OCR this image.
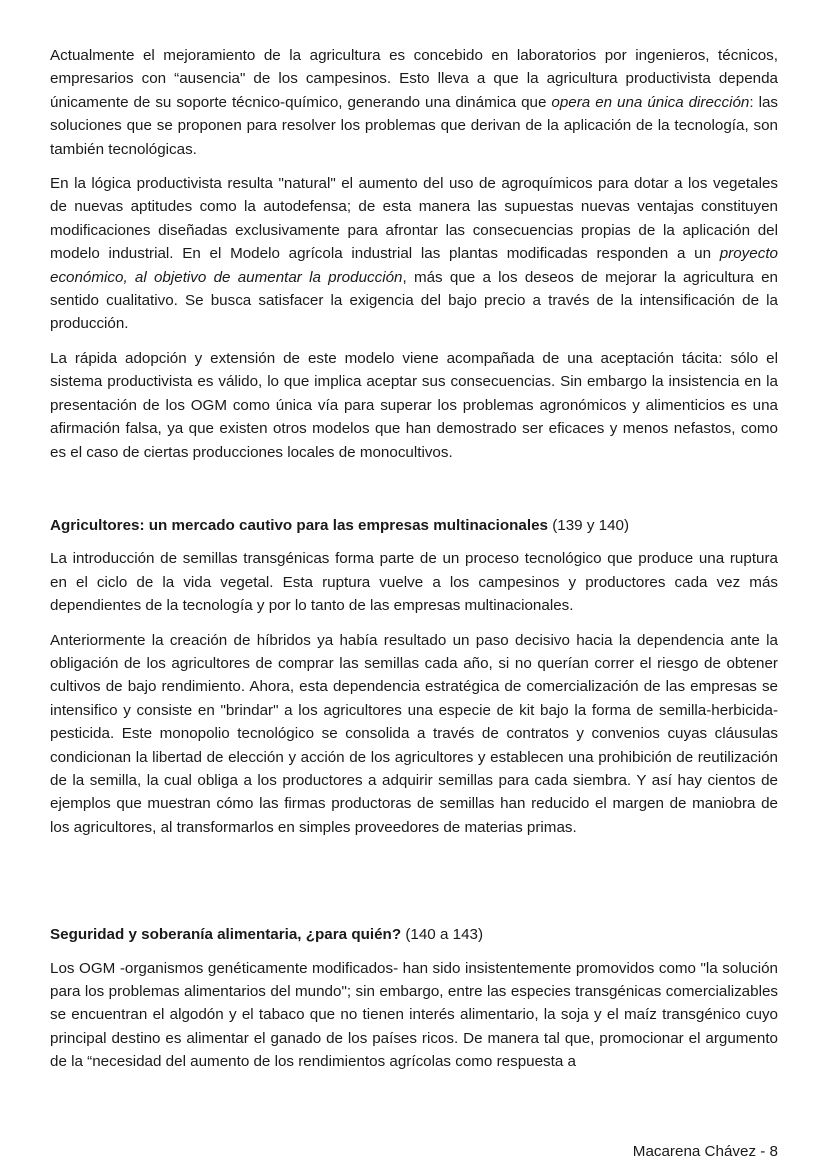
Actualmente el mejoramiento de la agricultura es concebido en laboratorios por ingenieros, técnicos, empresarios con “ausencia" de los campesinos. Esto lleva a que la agricultura productivista dependa únicamente de su soporte técnico-químico, generando una dinámica que opera en una única dirección: las soluciones que se proponen para resolver los problemas que derivan de la aplicación de la tecnología, son también tecnológicas.

En la lógica productivista resulta "natural" el aumento del uso de agroquímicos para dotar a los vegetales de nuevas aptitudes como la autodefensa; de esta manera las supuestas nuevas ventajas constituyen modificaciones diseñadas exclusivamente para afrontar las consecuencias propias de la aplicación del modelo industrial. En el Modelo agrícola industrial las plantas modificadas responden a un proyecto económico, al objetivo de aumentar la producción, más que a los deseos de mejorar la agricultura en sentido cualitativo. Se busca satisfacer la exigencia del bajo precio a través de la intensificación de la producción.

La rápida adopción y extensión de este modelo viene acompañada de una aceptación tácita: sólo el sistema productivista es válido, lo que implica aceptar sus consecuencias. Sin embargo la insistencia en la presentación de los OGM como única vía para superar los problemas agronómicos y alimenticios es una afirmación falsa, ya que existen otros modelos que han demostrado ser eficaces y menos nefastos, como es el caso de ciertas producciones locales de monocultivos.

Agricultores: un mercado cautivo para las empresas multinacionales (139 y 140)

La introducción de semillas transgénicas forma parte de un proceso tecnológico que produce una ruptura en el ciclo de la vida vegetal. Esta ruptura vuelve a los campesinos y productores cada vez más dependientes de la tecnología y por lo tanto de las empresas multinacionales.

Anteriormente la creación de híbridos ya había resultado un paso decisivo hacia la dependencia ante la obligación de los agricultores de comprar las semillas cada año, si no querían correr el riesgo de obtener cultivos de bajo rendimiento. Ahora, esta dependencia estratégica de comercialización de las empresas se intensifico y consiste en "brindar" a los agricultores una especie de kit bajo la forma de semilla-herbicida-pesticida. Este monopolio tecnológico se consolida a través de contratos y convenios cuyas cláusulas condicionan la libertad de elección y acción de los agricultores y establecen una prohibición de reutilización de la semilla, la cual obliga a los productores a adquirir semillas para cada siembra. Y así hay cientos de ejemplos que muestran cómo las firmas productoras de semillas han reducido el margen de maniobra de los agricultores, al transformarlos en simples proveedores de materias primas.

Seguridad y soberanía alimentaria, ¿para quién? (140 a 143)

Los OGM -organismos genéticamente modificados- han sido insistentemente promovidos como "la solución para los problemas alimentarios del mundo"; sin embargo, entre las especies transgénicas comercializables se encuentran el algodón y el tabaco que no tienen interés alimentario, la soja y el maíz transgénico cuyo principal destino es alimentar el ganado de los países ricos. De manera tal que, promocionar el argumento de la “necesidad del aumento de los rendimientos agrícolas como respuesta a

Macarena Chávez - 8
